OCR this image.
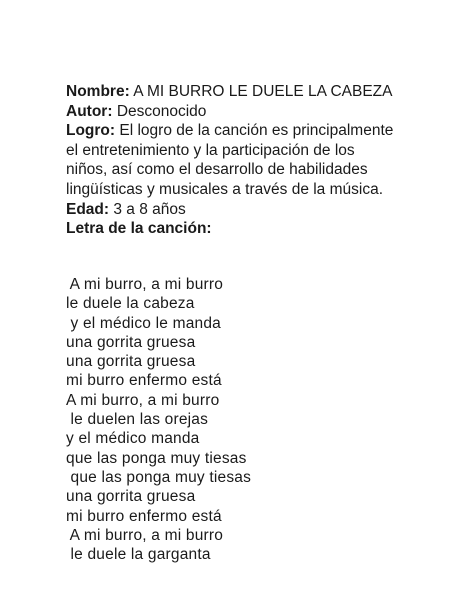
Nombre: A MI BURRO LE DUELE LA CABEZA

Autor: Desconocido

Logro: El logro de la canción es principalmente el entretenimiento y la participación de los niños, así como el desarrollo de habilidades lingüísticas y musicales a través de la música.

Edad: 3 a 8 años

Letra de la canción:

A mi burro, a mi burro
le duele la cabeza
y el médico le manda
una gorrita gruesa
una gorrita gruesa
mi burro enfermo está
A mi burro, a mi burro
le duelen las orejas
y el médico manda
que las ponga muy tiesas
que las ponga muy tiesas
una gorrita gruesa
mi burro enfermo está
A mi burro, a mi burro
le duele la garganta
